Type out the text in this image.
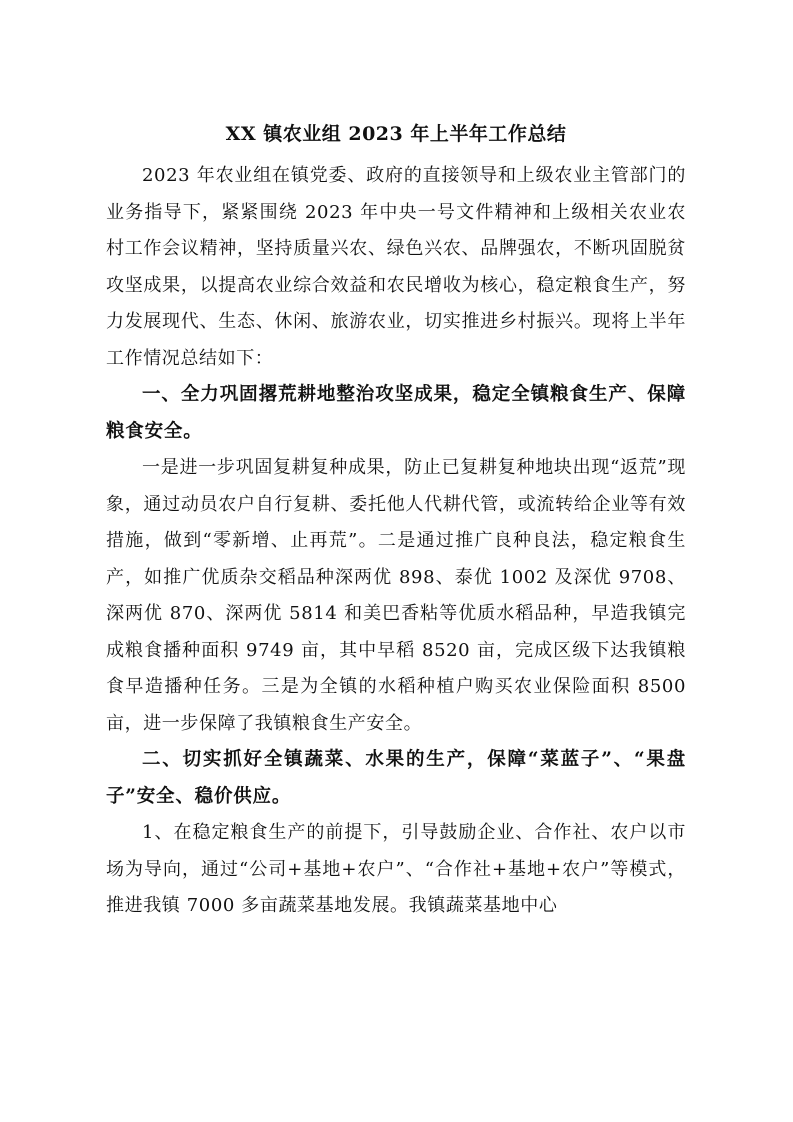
XX 镇农业组 2023 年上半年工作总结

2023 年农业组在镇党委、政府的直接领导和上级农业主管部门的业务指导下，紧紧围绕 2023 年中央一号文件精神和上级相关农业农村工作会议精神，坚持质量兴农、绿色兴农、品牌强农，不断巩固脱贫攻坚成果，以提高农业综合效益和农民增收为核心，稳定粮食生产，努力发展现代、生态、休闲、旅游农业，切实推进乡村振兴。现将上半年工作情况总结如下：

一、全力巩固撂荒耕地整治攻坚成果，稳定全镇粮食生产、保障粮食安全。

一是进一步巩固复耕复种成果，防止已复耕复种地块出现“返荒”现象，通过动员农户自行复耕、委托他人代耕代管，或流转给企业等有效措施，做到“零新增、止再荒”。二是通过推广良种良法，稳定粮食生产，如推广优质杂交稻品种深两优 898、泰优 1002 及深优 9708、深两优 870、深两优 5814 和美巴香粘等优质水稻品种，早造我镇完成粮食播种面积 9749 亩，其中早稻 8520 亩，完成区级下达我镇粮食早造播种任务。三是为全镇的水稻种植户购买农业保险面积 8500 亩，进一步保障了我镇粮食生产安全。

二、切实抓好全镇蔬菜、水果的生产，保障“菜蓝子”、“果盘子”安全、稳价供应。

1、在稳定粮食生产的前提下，引导鼓励企业、合作社、农户以市场为导向，通过“公司+基地+农户”、“合作社+基地+农户”等模式，推进我镇 7000 多亩蔬菜基地发展。我镇蔬菜基地中心
